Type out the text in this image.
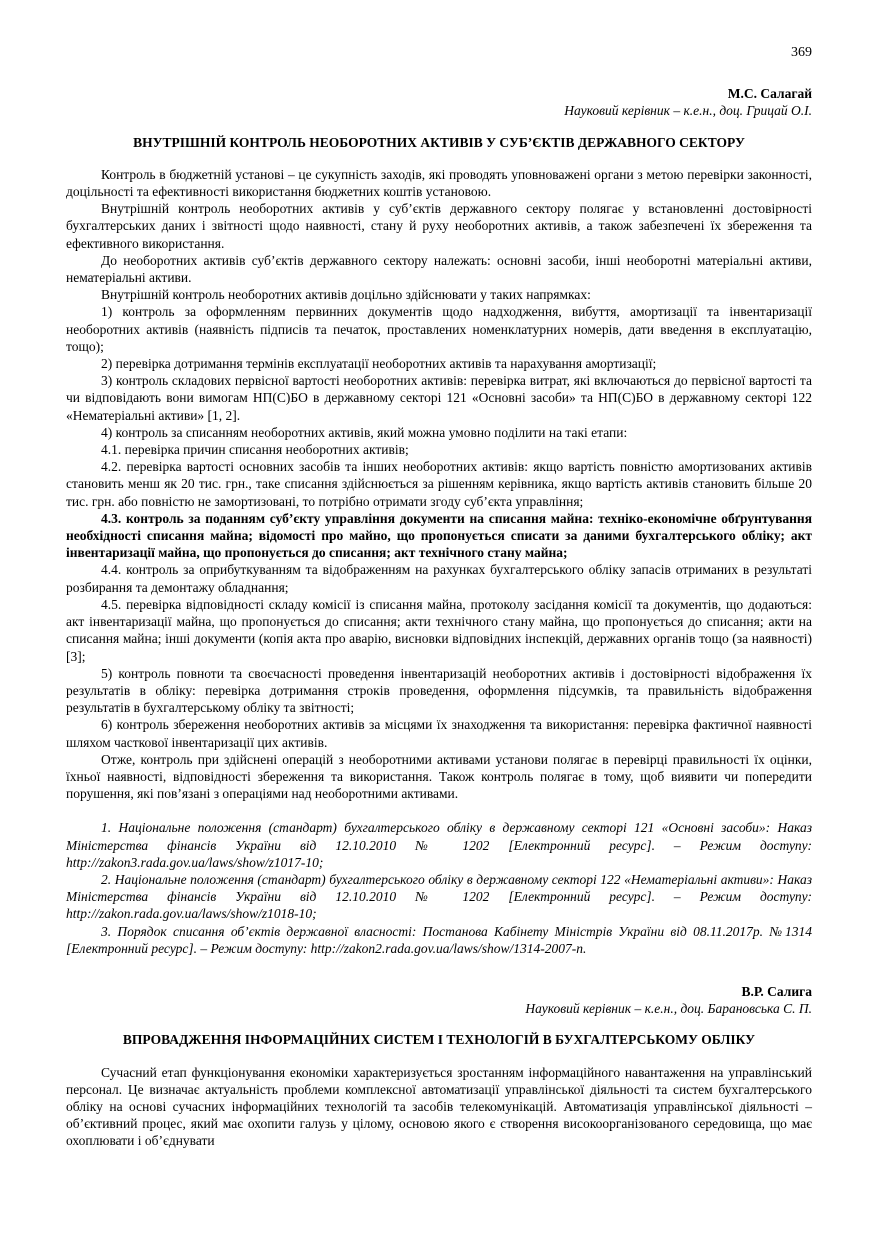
369
М.С. Салагай
Науковий керівник – к.е.н., доц. Грицай О.І.
ВНУТРІШНІЙ КОНТРОЛЬ НЕОБОРОТНИХ АКТИВІВ У СУБ’ЄКТІВ ДЕРЖАВНОГО СЕКТОРУ

Контроль в бюджетній установі – це сукупність заходів, які проводять уповноважені органи з метою перевірки законності, доцільності та ефективності використання бюджетних коштів установою.

Внутрішній контроль необоротних активів у суб’єктів державного сектору полягає у встановленні достовірності бухгалтерських даних і звітності щодо наявності, стану й руху необоротних активів, а також забезпечені їх збереження та ефективного використання.

До необоротних активів суб’єктів державного сектору належать: основні засоби, інші необоротні матеріальні активи, нематеріальні активи.

Внутрішній контроль необоротних активів доцільно здійснювати у таких напрямках:

1) контроль за оформленням первинних документів щодо надходження, вибуття, амортизації та інвентаризації необоротних активів (наявність підписів та печаток, проставлених номенклатурних номерів, дати введення в експлуатацію, тощо);

2) перевірка дотримання термінів експлуатації необоротних активів та нарахування амортизації;

3) контроль складових первісної вартості необоротних активів: перевірка витрат, які включаються до первісної вартості та чи відповідають вони вимогам НП(С)БО в державному секторі 121 «Основні засоби» та НП(С)БО в державному секторі 122 «Нематеріальні активи» [1, 2].

4) контроль за списанням необоротних активів, який можна умовно поділити на такі етапи:

4.1. перевірка причин списання необоротних активів;

4.2. перевірка вартості основних засобів та інших необоротних активів: якщо вартість повністю амортизованих активів становить менш як 20 тис. грн., таке списання здійснюється за рішенням керівника, якщо вартість активів становить більше 20 тис. грн. або повністю не замортизовані, то потрібно отримати згоду суб’єкта управління;

4.3. контроль за поданням суб’єкту управління документи на списання майна: техніко-економічне обґрунтування необхідності списання майна; відомості про майно, що пропонується списати за даними бухгалтерського обліку; акт інвентаризації майна, що пропонується до списання; акт технічного стану майна;

4.4. контроль за оприбуткуванням та відображенням на рахунках бухгалтерського обліку запасів отриманих в результаті розбирання та демонтажу обладнання;

4.5. перевірка відповідності складу комісії із списання майна, протоколу засідання комісії та документів, що додаються: акт інвентаризації майна, що пропонується до списання; акти технічного стану майна, що пропонується до списання; акти на списання майна; інші документи (копія акта про аварію, висновки відповідних інспекцій, державних органів тощо (за наявності) [3];

5) контроль повноти та своєчасності проведення інвентаризацій необоротних активів і достовірності відображення їх результатів в обліку: перевірка дотримання строків проведення, оформлення підсумків, та правильність відображення результатів в бухгалтерському обліку та звітності;

6) контроль збереження необоротних активів за місцями їх знаходження та використання: перевірка фактичної наявності шляхом часткової інвентаризації цих активів.

Отже, контроль при здійснені операцій з необоротними активами установи полягає в перевірці правильності їх оцінки, їхньої наявності, відповідності збереження та використання. Також контроль полягає в тому, щоб виявити чи попередити порушення, які пов’язані з операціями над необоротними активами.

1. Національне положення (стандарт) бухгалтерського обліку в державному секторі 121 «Основні засоби»: Наказ Міністерства фінансів України від 12.10.2010 № 1202 [Електронний ресурс]. – Режим доступу: http://zakon3.rada.gov.ua/laws/show/z1017-10;

2. Національне положення (стандарт) бухгалтерського обліку в державному секторі 122 «Нематеріальні активи»: Наказ Міністерства фінансів України від 12.10.2010 № 1202 [Електронний ресурс]. – Режим доступу: http://zakon.rada.gov.ua/laws/show/z1018-10;

3. Порядок списання об’єктів державної власності: Постанова Кабінету Міністрів України від 08.11.2017р. №1314 [Електронний ресурс]. – Режим доступу: http://zakon2.rada.gov.ua/laws/show/1314-2007-п.

В.Р. Салига
Науковий керівник – к.е.н., доц. Барановська С. П.
ВПРОВАДЖЕННЯ ІНФОРМАЦІЙНИХ СИСТЕМ І ТЕХНОЛОГІЙ В БУХГАЛТЕРСЬКОМУ ОБЛІКУ

Сучасний етап функціонування економіки характеризується зростанням інформаційного навантаження на управлінський персонал. Це визначає актуальність проблеми комплексної автоматизації управлінської діяльності та систем бухгалтерського обліку на основі сучасних інформаційних технологій та засобів телекомунікацій. Автоматизація управлінської діяльності – об’єктивний процес, який має охопити галузь у цілому, основою якого є створення високоорганізованого середовища, що має охоплювати і об’єднувати
